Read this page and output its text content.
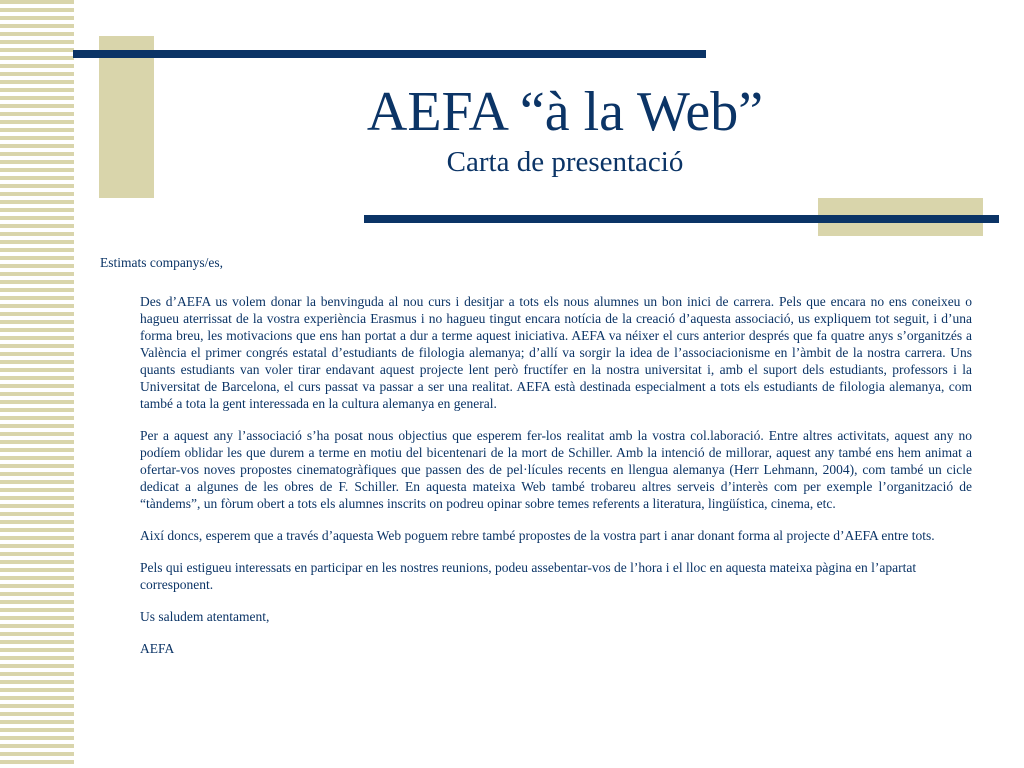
AEFA “à la Web”
Carta de presentació

Estimats companys/es,

Des d’AEFA us volem donar la benvinguda al nou curs i desitjar a tots els nous alumnes un bon inici de carrera. Pels que encara no ens coneixeu o hagueu aterrissat de la vostra experiència Erasmus i no hagueu tingut encara notícia de la creació d’aquesta associació, us expliquem tot seguit, i d’una forma breu, les motivacions que ens han portat a dur a terme aquest iniciativa. AEFA va néixer el curs anterior després que fa quatre anys s’organitzés a València el primer congrés estatal d’estudiants de filologia alemanya; d’allí va sorgir la idea de l’associacionisme en l’àmbit de la nostra carrera. Uns quants estudiants van voler tirar endavant aquest projecte lent però fructífer en la nostra universitat i, amb el suport dels estudiants, professors i la Universitat de Barcelona, el curs passat va passar a ser una realitat. AEFA està destinada especialment a tots els estudiants de filologia alemanya, com també a tota la gent interessada en la cultura alemanya en general.

Per a aquest any l’associació s’ha posat nous objectius que esperem fer-los realitat amb la vostra col.laboració. Entre altres activitats, aquest any no podíem oblidar les que durem a terme en motiu del bicentenari de la mort de Schiller. Amb la intenció de millorar, aquest any també ens hem animat a ofertar-vos noves propostes cinematogràfiques que passen des de pel·lícules recents en llengua alemanya (Herr Lehmann, 2004), com també un cicle dedicat a algunes de les obres de F. Schiller. En aquesta mateixa Web també trobareu altres serveis d’interès com per exemple l’organització de “tàndems”, un fòrum obert a tots els alumnes inscrits on podreu opinar sobre temes referents a literatura, lingüística, cinema, etc.

Així doncs, esperem que a través d’aquesta Web poguem rebre també propostes de la vostra part i anar donant forma al projecte d’AEFA entre tots.

Pels qui estigueu interessats en participar en les nostres reunions, podeu assebentar-vos de l’hora i el lloc en aquesta mateixa pàgina en l’apartat corresponent.

Us saludem atentament,

AEFA
